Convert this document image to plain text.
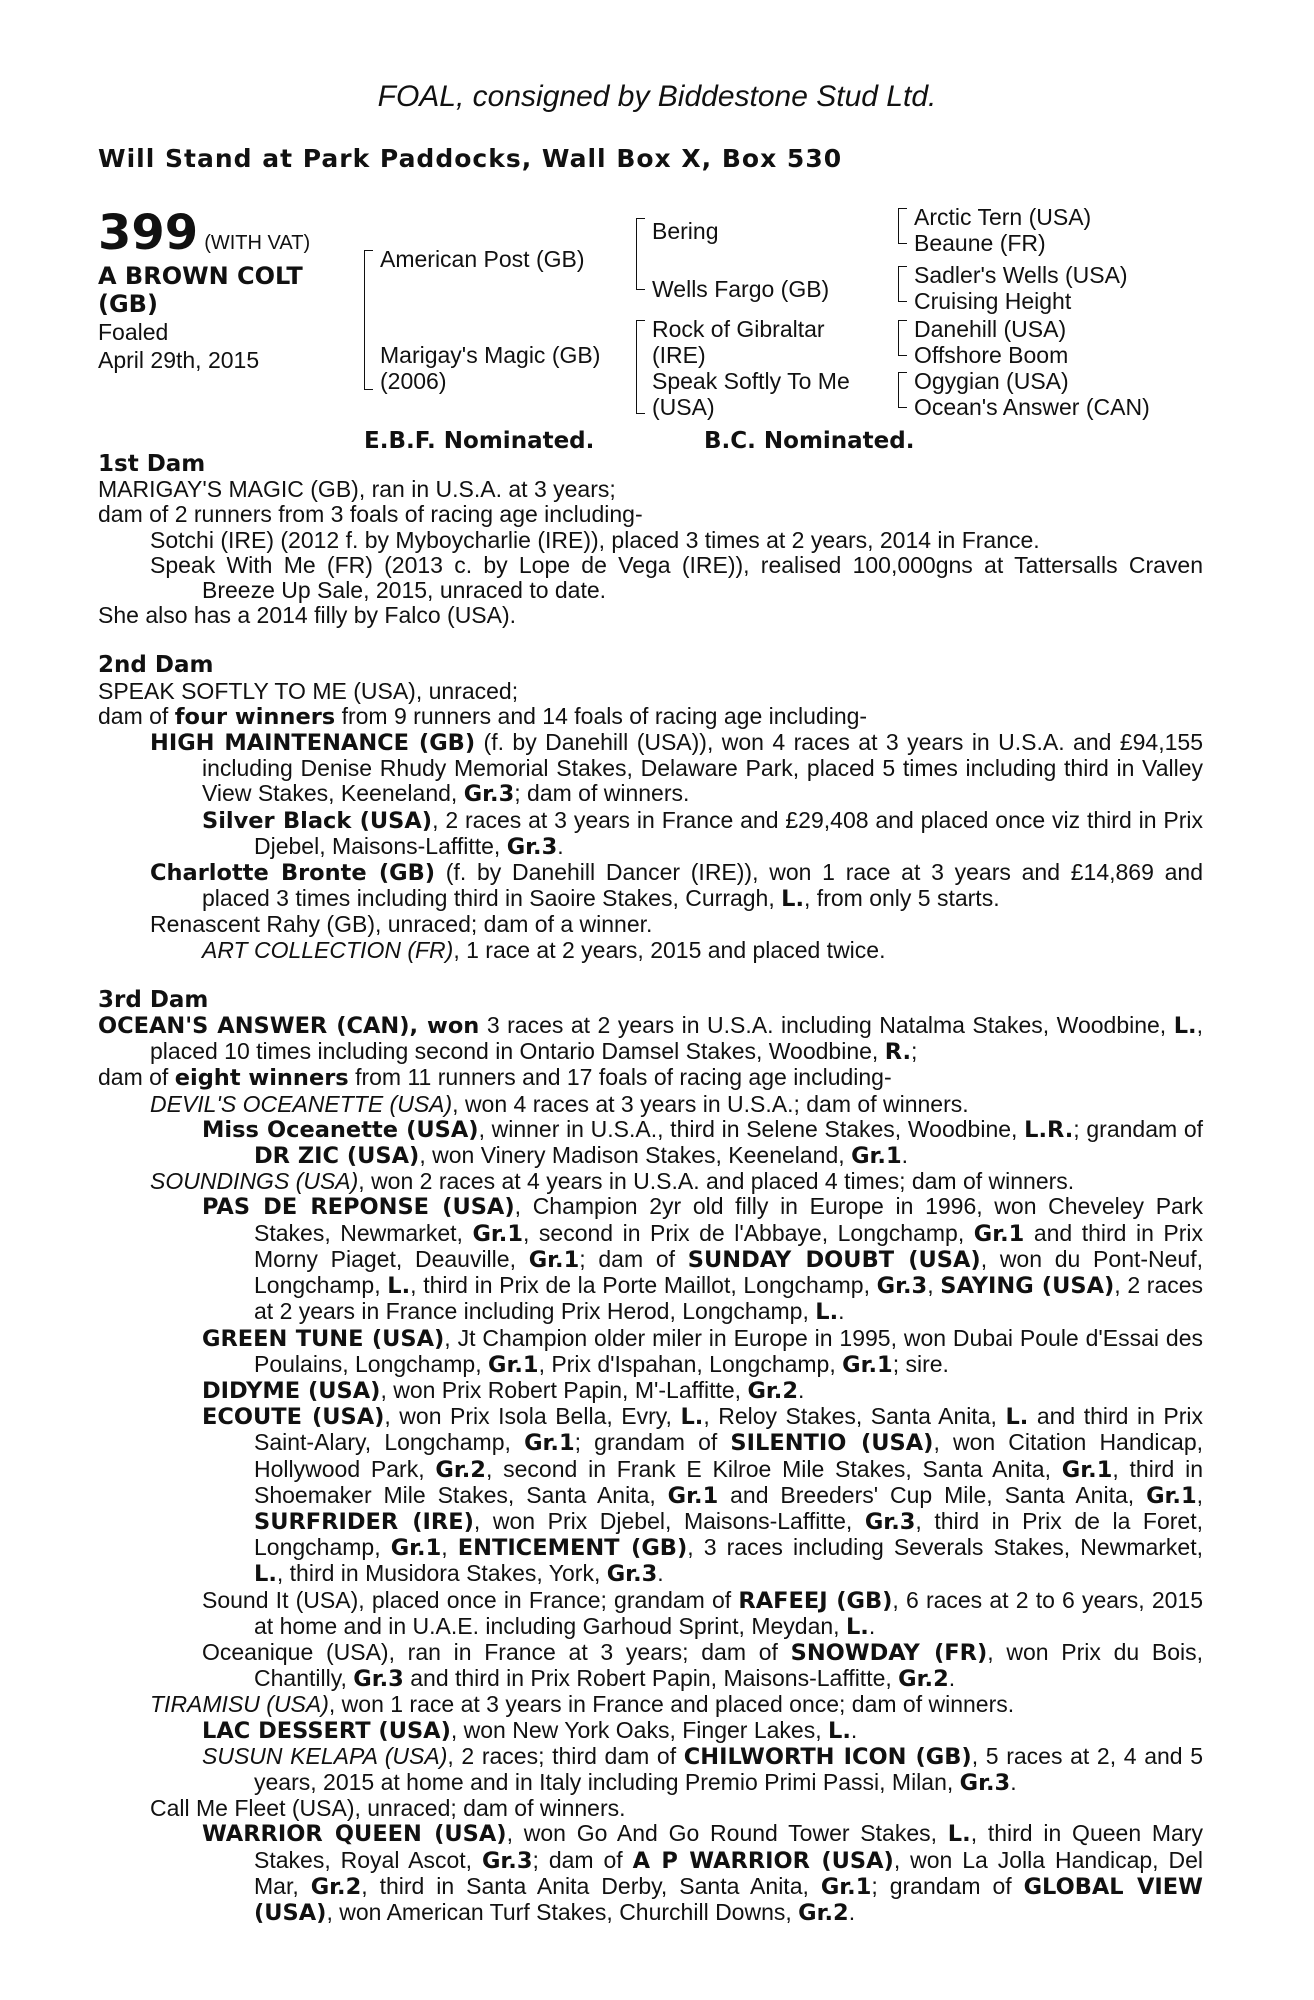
FOAL, consigned by Biddestone Stud Ltd.
Will Stand at Park Paddocks, Wall Box X, Box 530
399 (WITH VAT)
A BROWN COLT (GB)
Foaled
April 29th, 2015
American Post (GB)
Marigay's Magic (GB)
(2006)
Bering
Wells Fargo (GB)
Rock of Gibraltar
(IRE)
Speak Softly To Me
(USA)
Arctic Tern (USA)
Beaune (FR)
Sadler's Wells (USA)
Cruising Height
Danehill (USA)
Offshore Boom
Ogygian (USA)
Ocean's Answer (CAN)
E.B.F. Nominated.	B.C. Nominated.
1st Dam
MARIGAY'S MAGIC (GB), ran in U.S.A. at 3 years;
dam of 2 runners from 3 foals of racing age including-
Sotchi (IRE) (2012 f. by Myboycharlie (IRE)), placed 3 times at 2 years, 2014 in France.
Speak With Me (FR) (2013 c. by Lope de Vega (IRE)), realised 100,000gns at Tattersalls Craven Breeze Up Sale, 2015, unraced to date.
She also has a 2014 filly by Falco (USA).
2nd Dam
SPEAK SOFTLY TO ME (USA), unraced;
dam of four winners from 9 runners and 14 foals of racing age including-
HIGH MAINTENANCE (GB) (f. by Danehill (USA)), won 4 races at 3 years in U.S.A. and £94,155 including Denise Rhudy Memorial Stakes, Delaware Park, placed 5 times including third in Valley View Stakes, Keeneland, Gr.3; dam of winners.
Silver Black (USA), 2 races at 3 years in France and £29,408 and placed once viz third in Prix Djebel, Maisons-Laffitte, Gr.3.
Charlotte Bronte (GB) (f. by Danehill Dancer (IRE)), won 1 race at 3 years and £14,869 and placed 3 times including third in Saoire Stakes, Curragh, L., from only 5 starts.
Renascent Rahy (GB), unraced; dam of a winner.
ART COLLECTION (FR), 1 race at 2 years, 2015 and placed twice.
3rd Dam
OCEAN'S ANSWER (CAN), won 3 races at 2 years in U.S.A. including Natalma Stakes, Woodbine, L., placed 10 times including second in Ontario Damsel Stakes, Woodbine, R.;
dam of eight winners from 11 runners and 17 foals of racing age including-
DEVIL'S OCEANETTE (USA), won 4 races at 3 years in U.S.A.; dam of winners.
Miss Oceanette (USA), winner in U.S.A., third in Selene Stakes, Woodbine, L.R.; grandam of DR ZIC (USA), won Vinery Madison Stakes, Keeneland, Gr.1.
SOUNDINGS (USA), won 2 races at 4 years in U.S.A. and placed 4 times; dam of winners.
PAS DE REPONSE (USA), Champion 2yr old filly in Europe in 1996, won Cheveley Park Stakes, Newmarket, Gr.1, second in Prix de l'Abbaye, Longchamp, Gr.1 and third in Prix Morny Piaget, Deauville, Gr.1; dam of SUNDAY DOUBT (USA), won du Pont-Neuf, Longchamp, L., third in Prix de la Porte Maillot, Longchamp, Gr.3, SAYING (USA), 2 races at 2 years in France including Prix Herod, Longchamp, L..
GREEN TUNE (USA), Jt Champion older miler in Europe in 1995, won Dubai Poule d'Essai des Poulains, Longchamp, Gr.1, Prix d'Ispahan, Longchamp, Gr.1; sire.
DIDYME (USA), won Prix Robert Papin, M'-Laffitte, Gr.2.
ECOUTE (USA), won Prix Isola Bella, Evry, L., Reloy Stakes, Santa Anita, L. and third in Prix Saint-Alary, Longchamp, Gr.1; grandam of SILENTIO (USA), won Citation Handicap, Hollywood Park, Gr.2, second in Frank E Kilroe Mile Stakes, Santa Anita, Gr.1, third in Shoemaker Mile Stakes, Santa Anita, Gr.1 and Breeders' Cup Mile, Santa Anita, Gr.1, SURFRIDER (IRE), won Prix Djebel, Maisons-Laffitte, Gr.3, third in Prix de la Foret, Longchamp, Gr.1, ENTICEMENT (GB), 3 races including Severals Stakes, Newmarket, L., third in Musidora Stakes, York, Gr.3.
Sound It (USA), placed once in France; grandam of RAFEEJ (GB), 6 races at 2 to 6 years, 2015 at home and in U.A.E. including Garhoud Sprint, Meydan, L..
Oceanique (USA), ran in France at 3 years; dam of SNOWDAY (FR), won Prix du Bois, Chantilly, Gr.3 and third in Prix Robert Papin, Maisons-Laffitte, Gr.2.
TIRAMISU (USA), won 1 race at 3 years in France and placed once; dam of winners.
LAC DESSERT (USA), won New York Oaks, Finger Lakes, L..
SUSUN KELAPA (USA), 2 races; third dam of CHILWORTH ICON (GB), 5 races at 2, 4 and 5 years, 2015 at home and in Italy including Premio Primi Passi, Milan, Gr.3.
Call Me Fleet (USA), unraced; dam of winners.
WARRIOR QUEEN (USA), won Go And Go Round Tower Stakes, L., third in Queen Mary Stakes, Royal Ascot, Gr.3; dam of A P WARRIOR (USA), won La Jolla Handicap, Del Mar, Gr.2, third in Santa Anita Derby, Santa Anita, Gr.1; grandam of GLOBAL VIEW (USA), won American Turf Stakes, Churchill Downs, Gr.2.
